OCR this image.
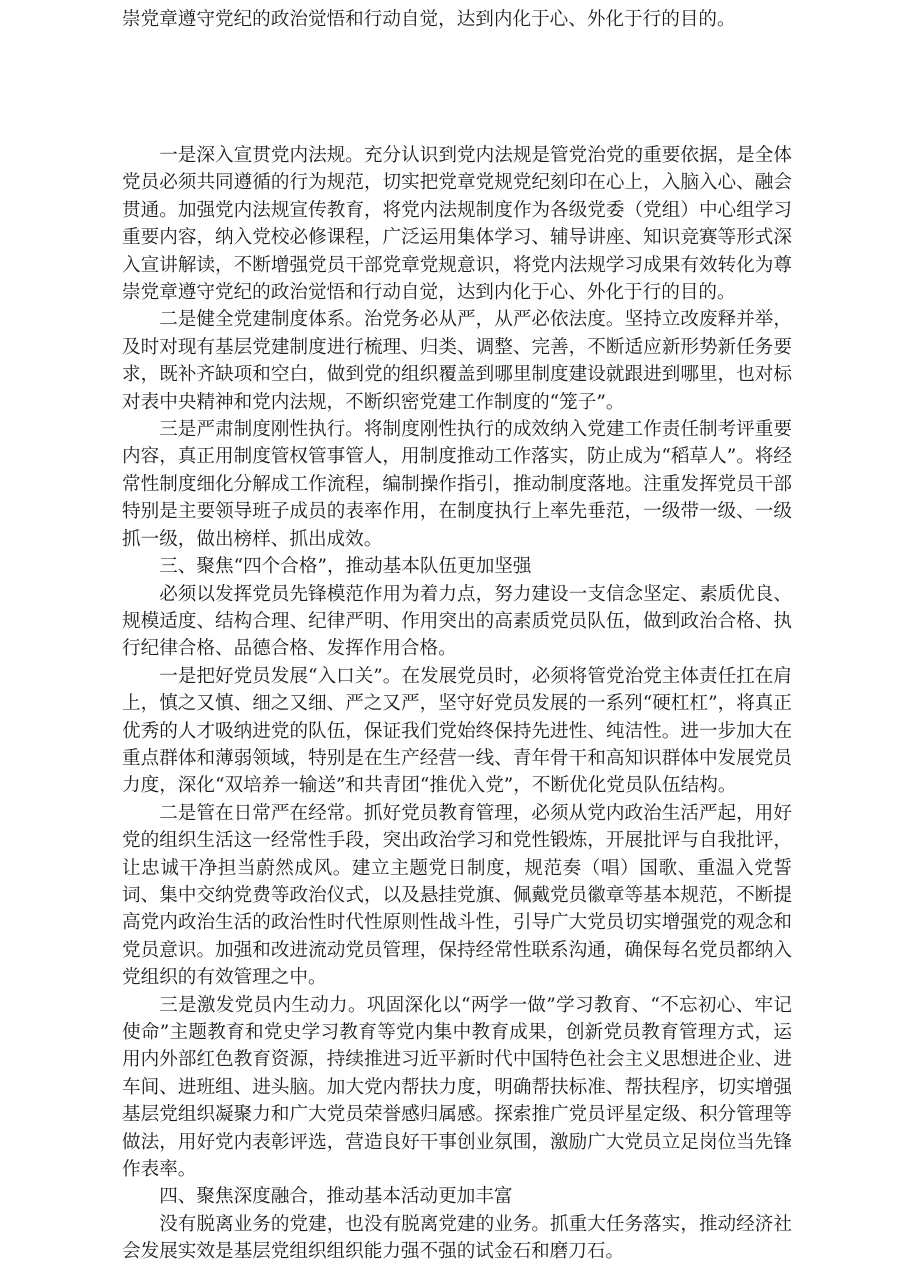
崇党章遵守党纪的政治觉悟和行动自觉，达到内化于心、外化于行的目的。

一是深入宣贯党内法规。充分认识到党内法规是管党治党的重要依据，是全体党员必须共同遵循的行为规范，切实把党章党规党纪刻印在心上，入脑入心、融会贯通。加强党内法规宣传教育，将党内法规制度作为各级党委（党组）中心组学习重要内容，纳入党校必修课程，广泛运用集体学习、辅导讲座、知识竞赛等形式深入宣讲解读，不断增强党员干部党章党规意识，将党内法规学习成果有效转化为尊崇党章遵守党纪的政治觉悟和行动自觉，达到内化于心、外化于行的目的。

二是健全党建制度体系。治党务必从严，从严必依法度。坚持立改废释并举，及时对现有基层党建制度进行梳理、归类、调整、完善，不断适应新形势新任务要求，既补齐缺项和空白，做到党的组织覆盖到哪里制度建设就跟进到哪里，也对标对表中央精神和党内法规，不断织密党建工作制度的“笼子”。

三是严肃制度刚性执行。将制度刚性执行的成效纳入党建工作责任制考评重要内容，真正用制度管权管事管人，用制度推动工作落实，防止成为“稻草人”。将经常性制度细化分解成工作流程，编制操作指引，推动制度落地。注重发挥党员干部特别是主要领导班子成员的表率作用，在制度执行上率先垂范，一级带一级、一级抓一级，做出榜样、抓出成效。

三、聚焦“四个合格”，推动基本队伍更加坚强

必须以发挥党员先锋模范作用为着力点，努力建设一支信念坚定、素质优良、规模适度、结构合理、纪律严明、作用突出的高素质党员队伍，做到政治合格、执行纪律合格、品德合格、发挥作用合格。

一是把好党员发展“入口关”。在发展党员时，必须将管党治党主体责任扛在肩上，慎之又慎、细之又细、严之又严，坚守好党员发展的一系列“硬杠杠”，将真正优秀的人才吸纳进党的队伍，保证我们党始终保持先进性、纯洁性。进一步加大在重点群体和薄弱领域，特别是在生产经营一线、青年骨干和高知识群体中发展党员力度，深化“双培养一输送”和共青团“推优入党”，不断优化党员队伍结构。

二是管在日常严在经常。抓好党员教育管理，必须从党内政治生活严起，用好党的组织生活这一经常性手段，突出政治学习和党性锻炼，开展批评与自我批评，让忠诚干净担当蔚然成风。建立主题党日制度，规范奏（唱）国歌、重温入党誓词、集中交纳党费等政治仪式，以及悬挂党旗、佩戴党员徽章等基本规范，不断提高党内政治生活的政治性时代性原则性战斗性，引导广大党员切实增强党的观念和党员意识。加强和改进流动党员管理，保持经常性联系沟通，确保每名党员都纳入党组织的有效管理之中。

三是激发党员内生动力。巩固深化以“两学一做”学习教育、“不忘初心、牢记使命”主题教育和党史学习教育等党内集中教育成果，创新党员教育管理方式，运用内外部红色教育资源，持续推进习近平新时代中国特色社会主义思想进企业、进车间、进班组、进头脑。加大党内帮扶力度，明确帮扶标准、帮扶程序，切实增强基层党组织凝聚力和广大党员荣誉感归属感。探索推广党员评星定级、积分管理等做法，用好党内表彰评选，营造良好干事创业氛围，激励广大党员立足岗位当先锋作表率。

四、聚焦深度融合，推动基本活动更加丰富

没有脱离业务的党建，也没有脱离党建的业务。抓重大任务落实，推动经济社会发展实效是基层党组织组织能力强不强的试金石和磨刀石。
